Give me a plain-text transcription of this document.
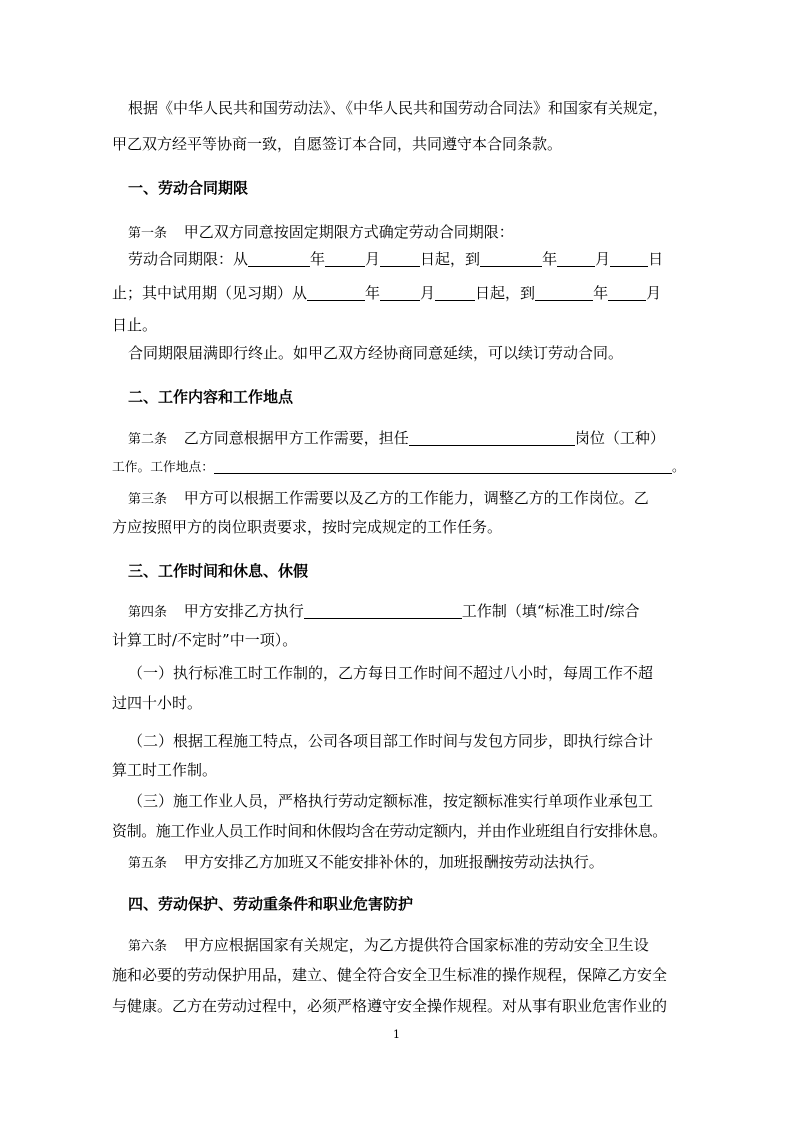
根据《中华人民共和国劳动法》、《中华人民共和国劳动合同法》和国家有关规定，
甲乙双方经平等协商一致，自愿签订本合同，共同遵守本合同条款。
一、劳动合同期限
第一条 甲乙双方同意按固定期限方式确定劳动合同期限：
劳动合同期限：从	年	月	日起，到	年	月	日
止；其中试用期（见习期）从	年	月	日起，到	年	月
日止。
合同期限届满即行终止。如甲乙双方经协商同意延续，可以续订劳动合同。
二、工作内容和工作地点
第二条 乙方同意根据甲方工作需要，担任	岗位（工种）
工作。工作地点：	。
第三条 甲方可以根据工作需要以及乙方的工作能力，调整乙方的工作岗位。乙
方应按照甲方的岗位职责要求，按时完成规定的工作任务。
三、工作时间和休息、休假
第四条 甲方安排乙方执行	工作制（填“标准工时/综合
计算工时/不定时”中一项）。
（一）执行标准工时工作制的，乙方每日工作时间不超过八小时，每周工作不超
过四十小时。
（二）根据工程施工特点，公司各项目部工作时间与发包方同步，即执行综合计
算工时工作制。
（三）施工作业人员，严格执行劳动定额标准，按定额标准实行单项作业承包工
资制。施工作业人员工作时间和休假均含在劳动定额内，并由作业班组自行安排休息。
第五条 甲方安排乙方加班又不能安排补休的，加班报酬按劳动法执行。
四、劳动保护、劳动重条件和职业危害防护
第六条 甲方应根据国家有关规定，为乙方提供符合国家标准的劳动安全卫生设
施和必要的劳动保护用品，建立、健全符合安全卫生标准的操作规程，保障乙方安全
与健康。乙方在劳动过程中，必须严格遵守安全操作规程。对从事有职业危害作业的
1
